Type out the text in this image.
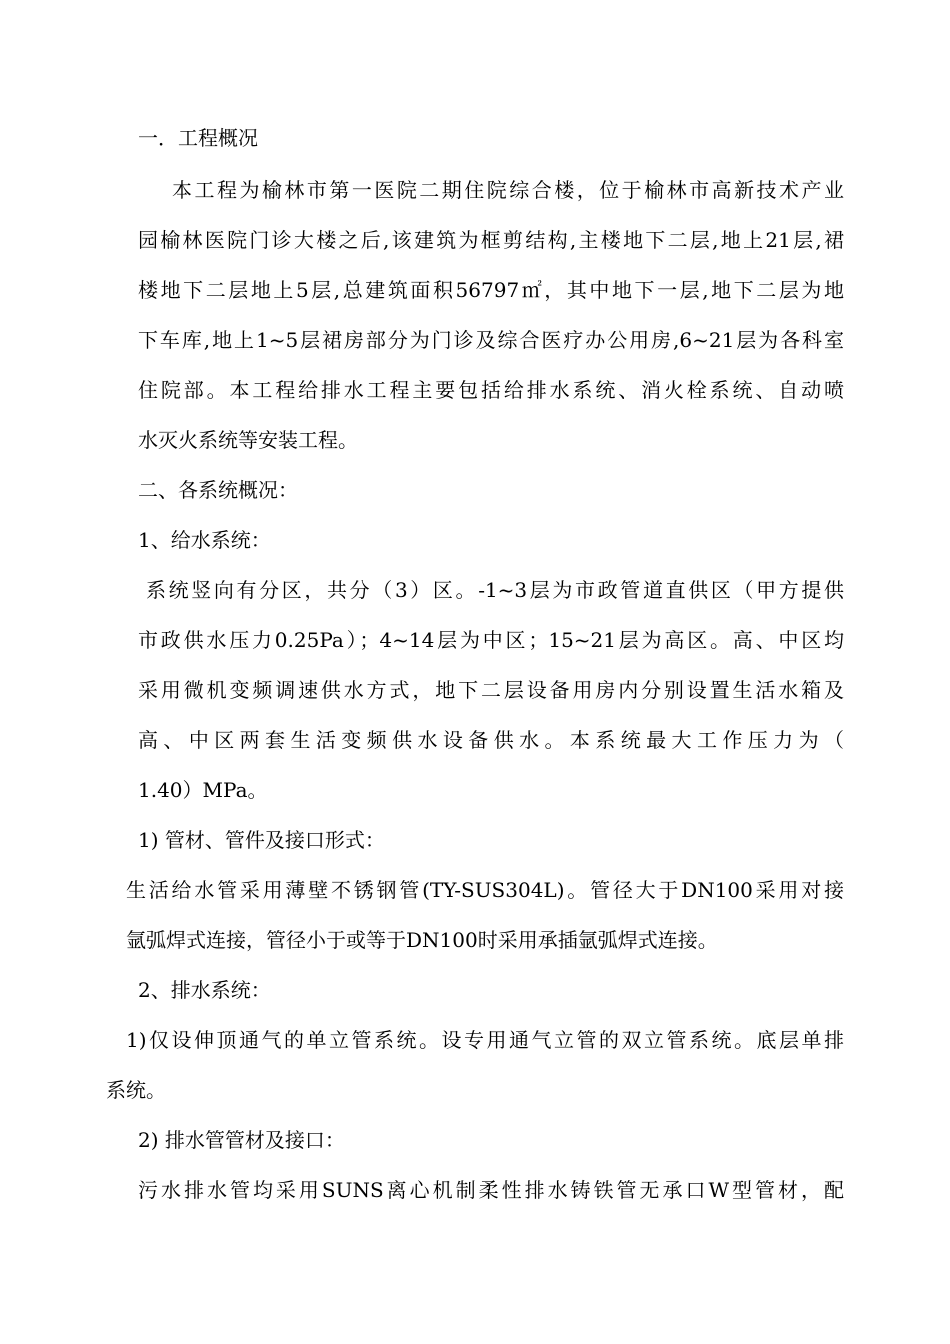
一．工程概况
本工程为榆林市第一医院二期住院综合楼，位于榆林市高新技术产业
园榆林医院门诊大楼之后,该建筑为框剪结构,主楼地下二层,地上21层,裙
楼地下二层地上5层,总建筑面积56797㎡，其中地下一层,地下二层为地
下车库,地上1~5层裙房部分为门诊及综合医疗办公用房,6~21层为各科室
住院部。本工程给排水工程主要包括给排水系统、消火栓系统、自动喷
水灭火系统等安装工程。
二、各系统概况：
1、给水系统：
系统竖向有分区，共分（3）区。-1~3层为市政管道直供区（甲方提供
市政供水压力0.25Pa）；4~14层为中区；15~21层为高区。高、中区均
采用微机变频调速供水方式，地下二层设备用房内分别设置生活水箱及
高、中区两套生活变频供水设备供水。本系统最大工作压力为（
1.40）MPa。
1) 管材、管件及接口形式：
生活给水管采用薄壁不锈钢管(TY-SUS304L)。管径大于DN100采用对接
氩弧焊式连接，管径小于或等于DN100时采用承插氩弧焊式连接。
2、排水系统：
1)仅设伸顶通气的单立管系统。设专用通气立管的双立管系统。底层单排
系统。
2) 排水管管材及接口：
污水排水管均采用SUNS离心机制柔性排水铸铁管无承口W型管材，配
